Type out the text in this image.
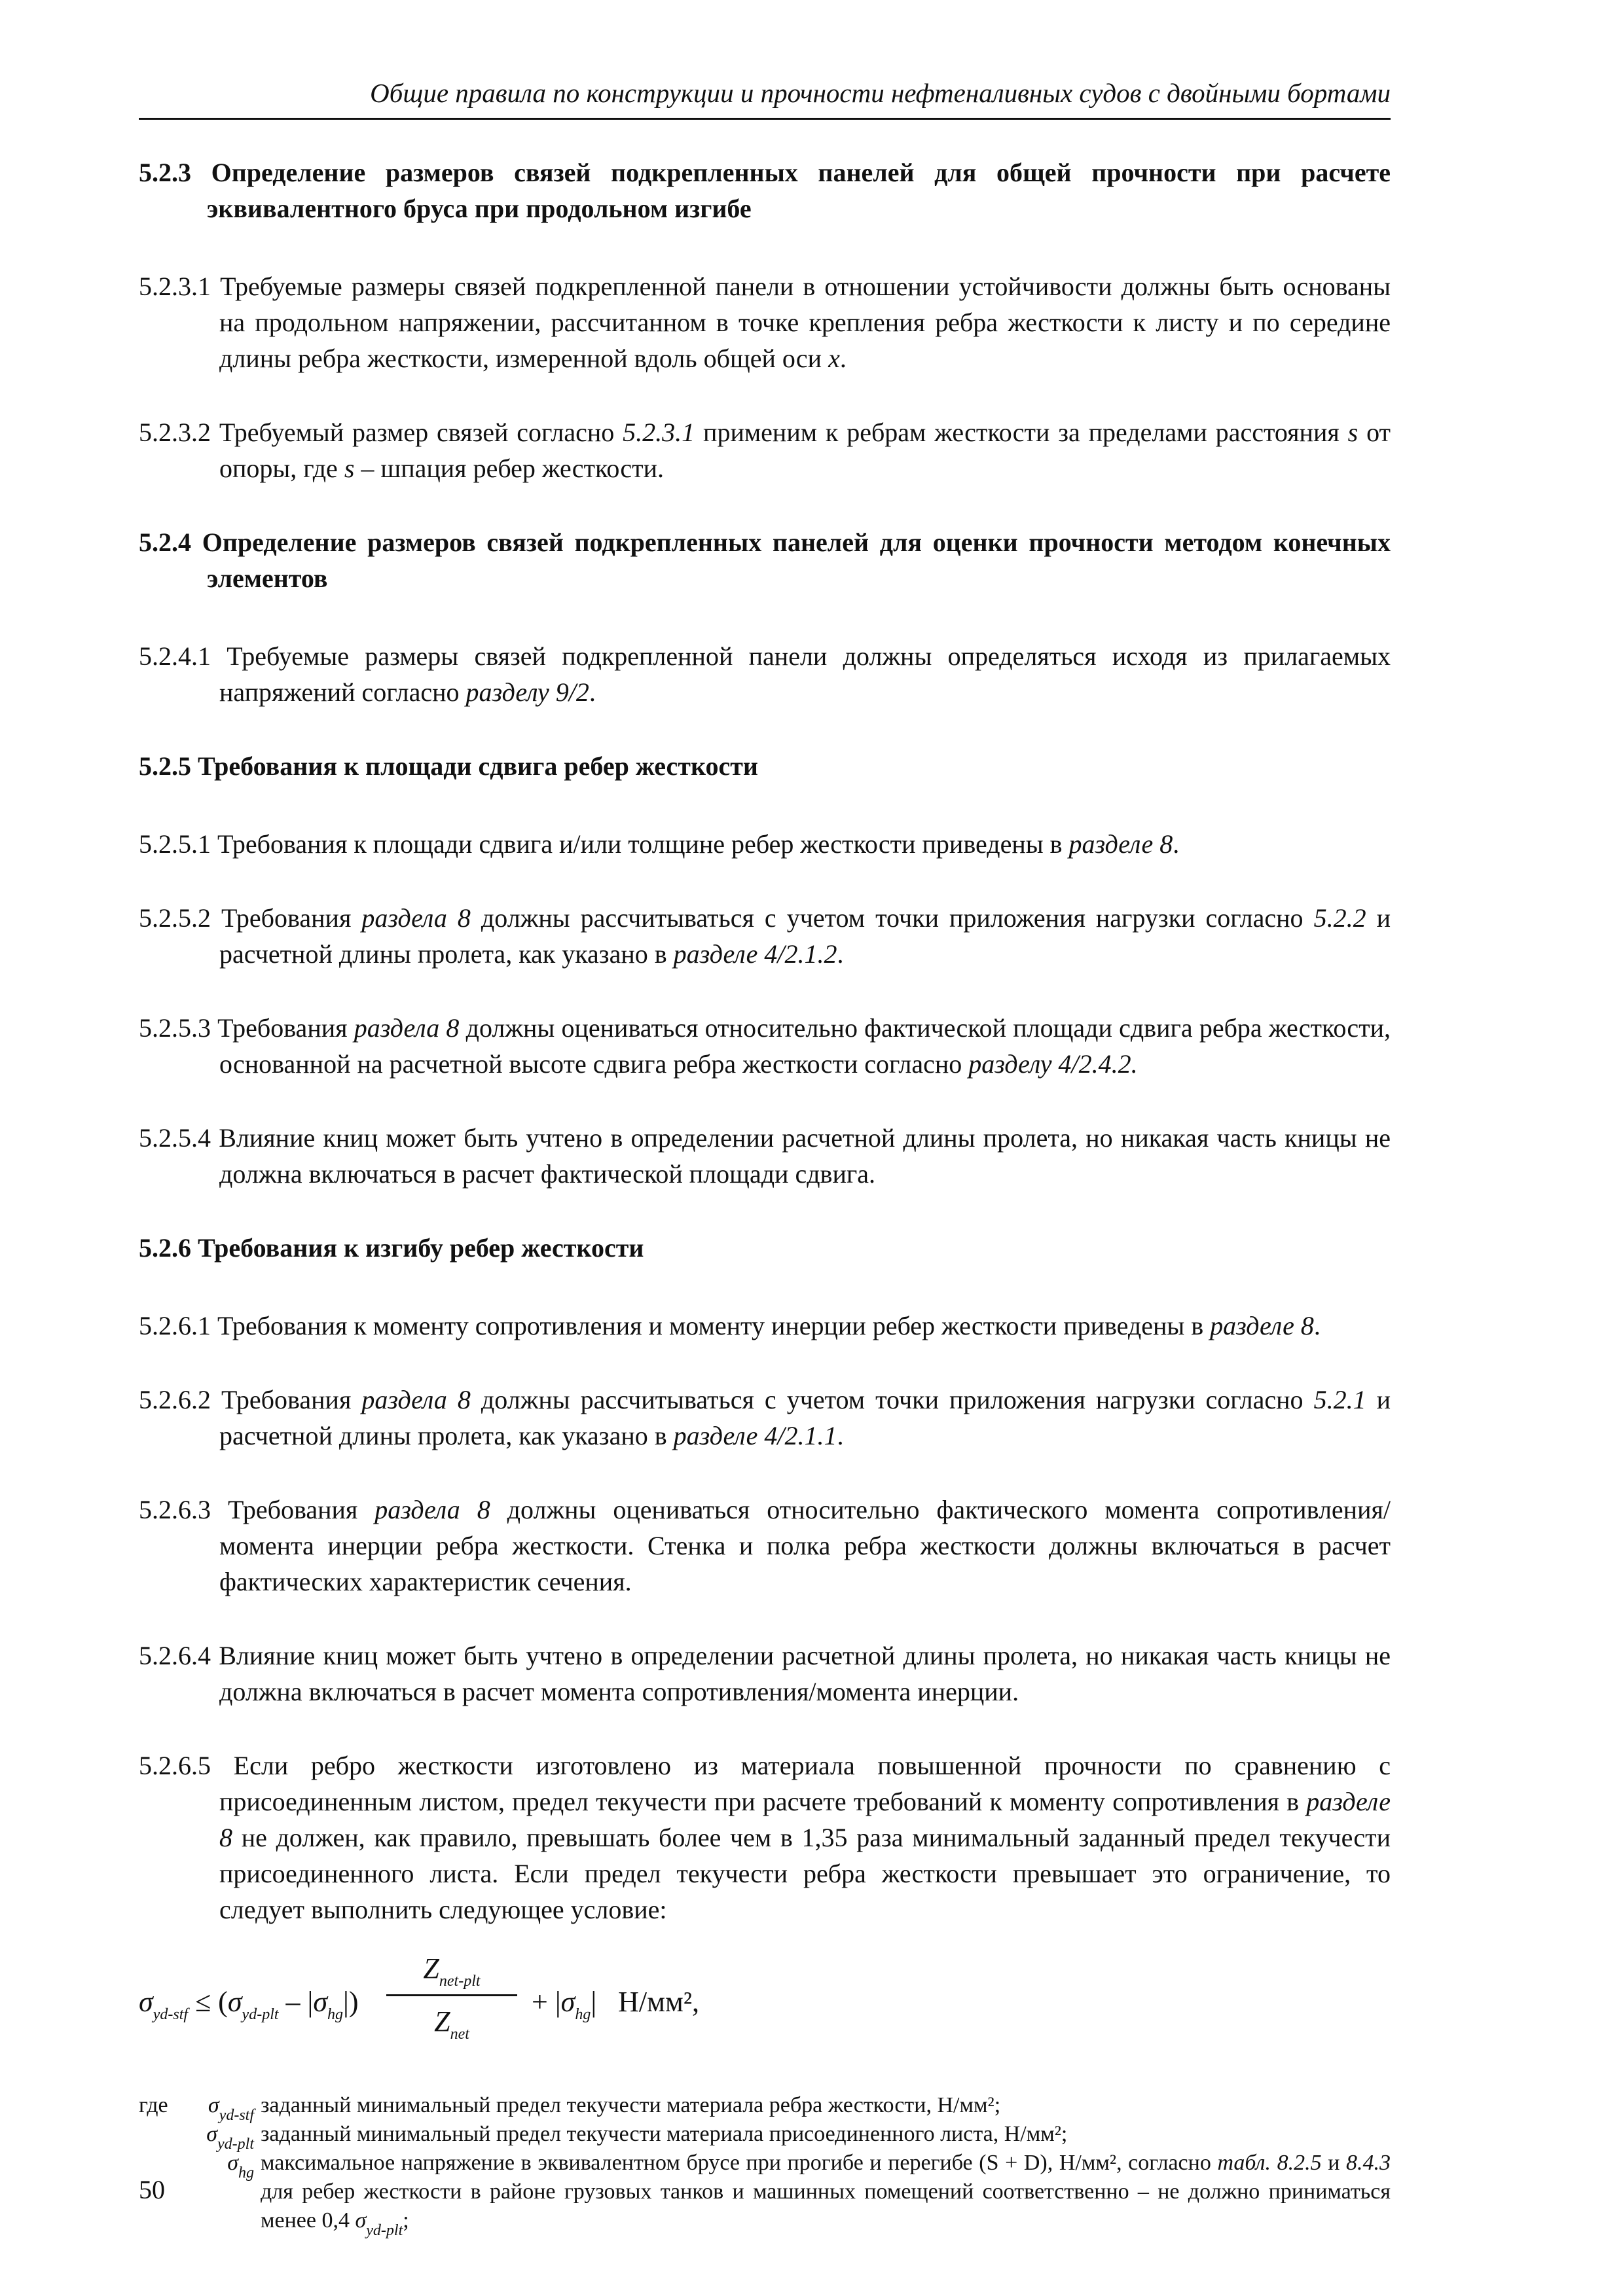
Общие правила по конструкции и прочности нефтеналивных судов с двойными бортами
5.2.3 Определение размеров связей подкрепленных панелей для общей прочности при расчете эквивалентного бруса при продольном изгибе
5.2.3.1 Требуемые размеры связей подкрепленной панели в отношении устойчивости должны быть основаны на продольном напряжении, рассчитанном в точке крепления ребра жесткости к листу и по середине длины ребра жесткости, измеренной вдоль общей оси x.
5.2.3.2 Требуемый размер связей согласно 5.2.3.1 применим к ребрам жесткости за пределами расстояния s от опоры, где s – шпация ребер жесткости.
5.2.4 Определение размеров связей подкрепленных панелей для оценки прочности методом конечных элементов
5.2.4.1 Требуемые размеры связей подкрепленной панели должны определяться исходя из прилагаемых напряжений согласно разделу 9/2.
5.2.5 Требования к площади сдвига ребер жесткости
5.2.5.1 Требования к площади сдвига и/или толщине ребер жесткости приведены в разделе 8.
5.2.5.2 Требования раздела 8 должны рассчитываться с учетом точки приложения нагрузки согласно 5.2.2 и расчетной длины пролета, как указано в разделе 4/2.1.2.
5.2.5.3 Требования раздела 8 должны оцениваться относительно фактической площади сдвига ребра жесткости, основанной на расчетной высоте сдвига ребра жесткости согласно разделу 4/2.4.2.
5.2.5.4 Влияние книц может быть учтено в определении расчетной длины пролета, но никакая часть кницы не должна включаться в расчет фактической площади сдвига.
5.2.6 Требования к изгибу ребер жесткости
5.2.6.1 Требования к моменту сопротивления и моменту инерции ребер жесткости приведены в разделе 8.
5.2.6.2 Требования раздела 8 должны рассчитываться с учетом точки приложения нагрузки согласно 5.2.1 и расчетной длины пролета, как указано в разделе 4/2.1.1.
5.2.6.3 Требования раздела 8 должны оцениваться относительно фактического момента сопротивления/момента инерции ребра жесткости. Стенка и полка ребра жесткости должны включаться в расчет фактических характеристик сечения.
5.2.6.4 Влияние книц может быть учтено в определении расчетной длины пролета, но никакая часть кницы не должна включаться в расчет момента сопротивления/момента инерции.
5.2.6.5 Если ребро жесткости изготовлено из материала повышенной прочности по сравнению с присоединенным листом, предел текучести при расчете требований к моменту сопротивления в разделе 8 не должен, как правило, превышать более чем в 1,35 раза минимальный заданный предел текучести присоединенного листа. Если предел текучести ребра жесткости превышает это ограничение, то следует выполнить следующее условие:
$\sigma_{yd-stf} \le (\sigma_{yd-plt} - |\sigma_{hg}|)$
$Z_{net-plt}$
$Z_{net}$
+ $|\sigma_{hg}|$ Н/мм²,
где	$\sigma_{yd-stf}$ заданный минимальный предел текучести материала ребра жесткости, Н/мм²;
$\sigma_{yd-plt}$ заданный минимальный предел текучести материала присоединенного листа, Н/мм²;
$\sigma_{hg}$ максимальное напряжение в эквивалентном брусе при прогибе и перегибе (S + D), Н/мм², согласно табл. 8.2.5 и 8.4.3 для ребер жесткости в районе грузовых танков и машинных помещений соответственно – не должно приниматься менее 0,4 $\sigma_{yd-plt}$;
50
